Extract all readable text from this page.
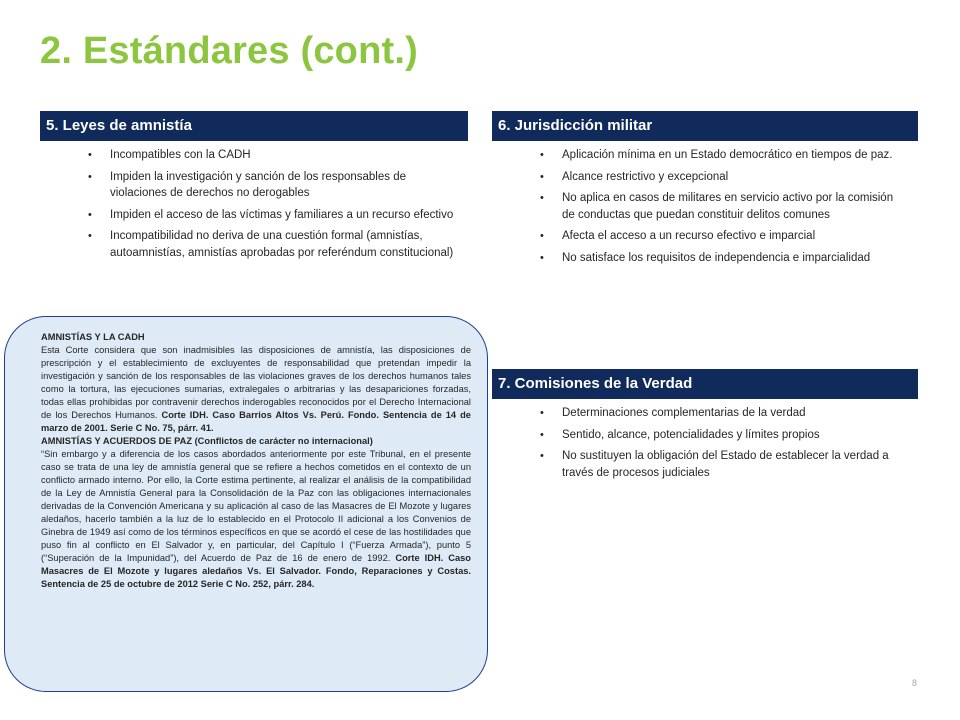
2. Estándares (cont.)
5. Leyes de amnistía
• Incompatibles con la CADH
• Impiden la investigación y sanción de los responsables de violaciones de derechos no derogables
• Impiden el acceso de las víctimas y familiares a un recurso efectivo
• Incompatibilidad no deriva de una cuestión formal (amnistías, autoamnistías, amnistías aprobadas por referéndum constitucional)
6. Jurisdicción militar
• Aplicación mínima en un Estado democrático en tiempos de paz.
• Alcance restrictivo y excepcional
• No aplica en casos de militares en servicio activo por la comisión de conductas que puedan constituir delitos comunes
• Afecta el acceso a un recurso efectivo e imparcial
• No satisface los requisitos de independencia e imparcialidad
7. Comisiones de la Verdad
• Determinaciones complementarias de la verdad
• Sentido, alcance, potencialidades y límites propios
• No sustituyen la obligación del Estado de establecer la verdad a través de procesos judiciales
AMNISTÍAS Y LA CADH

Esta Corte considera que son inadmisibles las disposiciones de amnistía, las disposiciones de prescripción y el establecimiento de excluyentes de responsabilidad que pretendan impedir la investigación y sanción de los responsables de las violaciones graves de los derechos humanos tales como la tortura, las ejecuciones sumarias, extralegales o arbitrarias y las desapariciones forzadas, todas ellas prohibidas por contravenir derechos inderogables reconocidos por el Derecho Internacional de los Derechos Humanos. Corte IDH. Caso Barrios Altos Vs. Perú. Fondo. Sentencia de 14 de marzo de 2001. Serie C No. 75, párr. 41.

AMNISTÍAS Y ACUERDOS DE PAZ (Conflictos de carácter no internacional)

“Sin embargo y a diferencia de los casos abordados anteriormente por este Tribunal, en el presente caso se trata de una ley de amnistía general que se refiere a hechos cometidos en el contexto de un conflicto armado interno. Por ello, la Corte estima pertinente, al realizar el análisis de la compatibilidad de la Ley de Amnistía General para la Consolidación de la Paz con las obligaciones internacionales derivadas de la Convención Americana y su aplicación al caso de las Masacres de El Mozote y lugares aledaños, hacerlo también a la luz de lo establecido en el Protocolo II adicional a los Convenios de Ginebra de 1949 así como de los términos específicos en que se acordó el cese de las hostilidades que puso fin al conflicto en El Salvador y, en particular, del Capítulo I (“Fuerza Armada”), punto 5 (“Superación de la Impunidad”), del Acuerdo de Paz de 16 de enero de 1992. Corte IDH. Caso Masacres de El Mozote y lugares aledaños Vs. El Salvador. Fondo, Reparaciones y Costas. Sentencia de 25 de octubre de 2012 Serie C No. 252, párr. 284.

8
